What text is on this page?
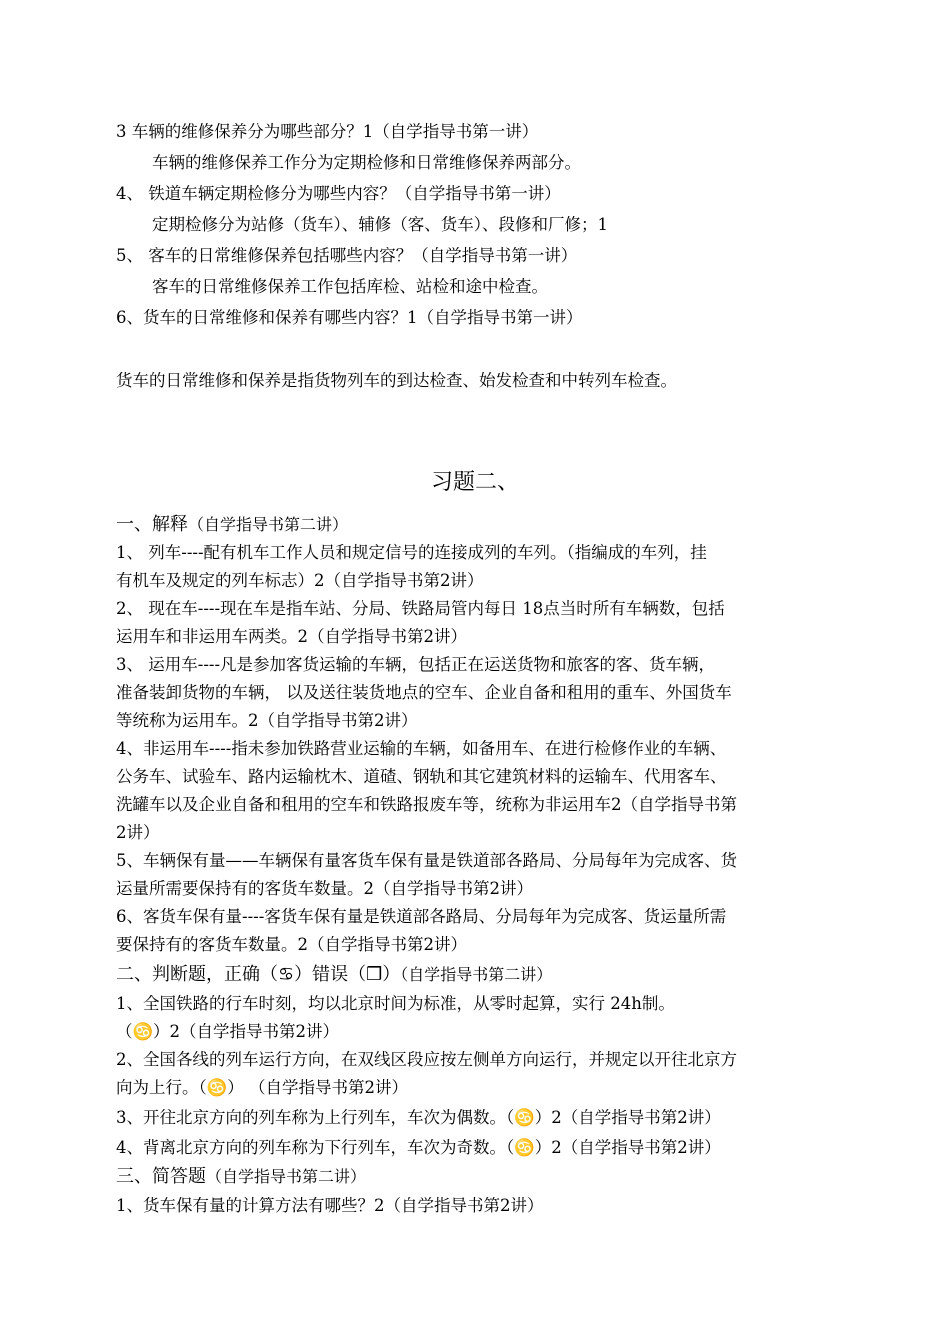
3 车辆的维修保养分为哪些部分？1（自学指导书第一讲）
车辆的维修保养工作分为定期检修和日常维修保养两部分。
4、 铁道车辆定期检修分为哪些内容？（自学指导书第一讲）
定期检修分为站修（货车）、辅修（客、货车）、段修和厂修；1
5、 客车的日常维修保养包括哪些内容？（自学指导书第一讲）
客车的日常维修保养工作包括库检、站检和途中检查。
6、货车的日常维修和保养有哪些内容？1（自学指导书第一讲）
货车的日常维修和保养是指货物列车的到达检查、始发检查和中转列车检查。
习题二、
一、解释（自学指导书第二讲）
1、 列车----配有机车工作人员和规定信号的连接成列的车列。（指编成的车列，挂
有机车及规定的列车标志）2（自学指导书第2讲）
2、 现在车----现在车是指车站、分局、铁路局管内每日 18点当时所有车辆数，包括
运用车和非运用车两类。2（自学指导书第2讲）
3、 运用车----凡是参加客货运输的车辆，包括正在运送货物和旅客的客、货车辆，
准备装卸货物的车辆， 以及送往装货地点的空车、企业自备和租用的重车、外国货车
等统称为运用车。2（自学指导书第2讲）
4、非运用车----指未参加铁路营业运输的车辆，如备用车、在进行检修作业的车辆、
公务车、试验车、路内运输枕木、道碴、钢轨和其它建筑材料的运输车、代用客车、
洗罐车以及企业自备和租用的空车和铁路报废车等，统称为非运用车2（自学指导书第
2讲）
5、车辆保有量——车辆保有量客货车保有量是铁道部各路局、分局每年为完成客、货
运量所需要保持有的客货车数量。2（自学指导书第2讲）
6、客货车保有量----客货车保有量是铁道部各路局、分局每年为完成客、货运量所需
要保持有的客货车数量。2（自学指导书第2讲）
二、判断题，正确（♋）错误（❒）（自学指导书第二讲）
1、全国铁路的行车时刻，均以北京时间为标准，从零时起算，实行 24h制。
（♋）2（自学指导书第2讲）
2、全国各线的列车运行方向，在双线区段应按左侧单方向运行，并规定以开往北京方
向为上行。（♋） （自学指导书第2讲）
3、开往北京方向的列车称为上行列车，车次为偶数。（♋）2（自学指导书第2讲）
4、背离北京方向的列车称为下行列车，车次为奇数。（♋）2（自学指导书第2讲）
三、简答题（自学指导书第二讲）
1、货车保有量的计算方法有哪些？2（自学指导书第2讲）
